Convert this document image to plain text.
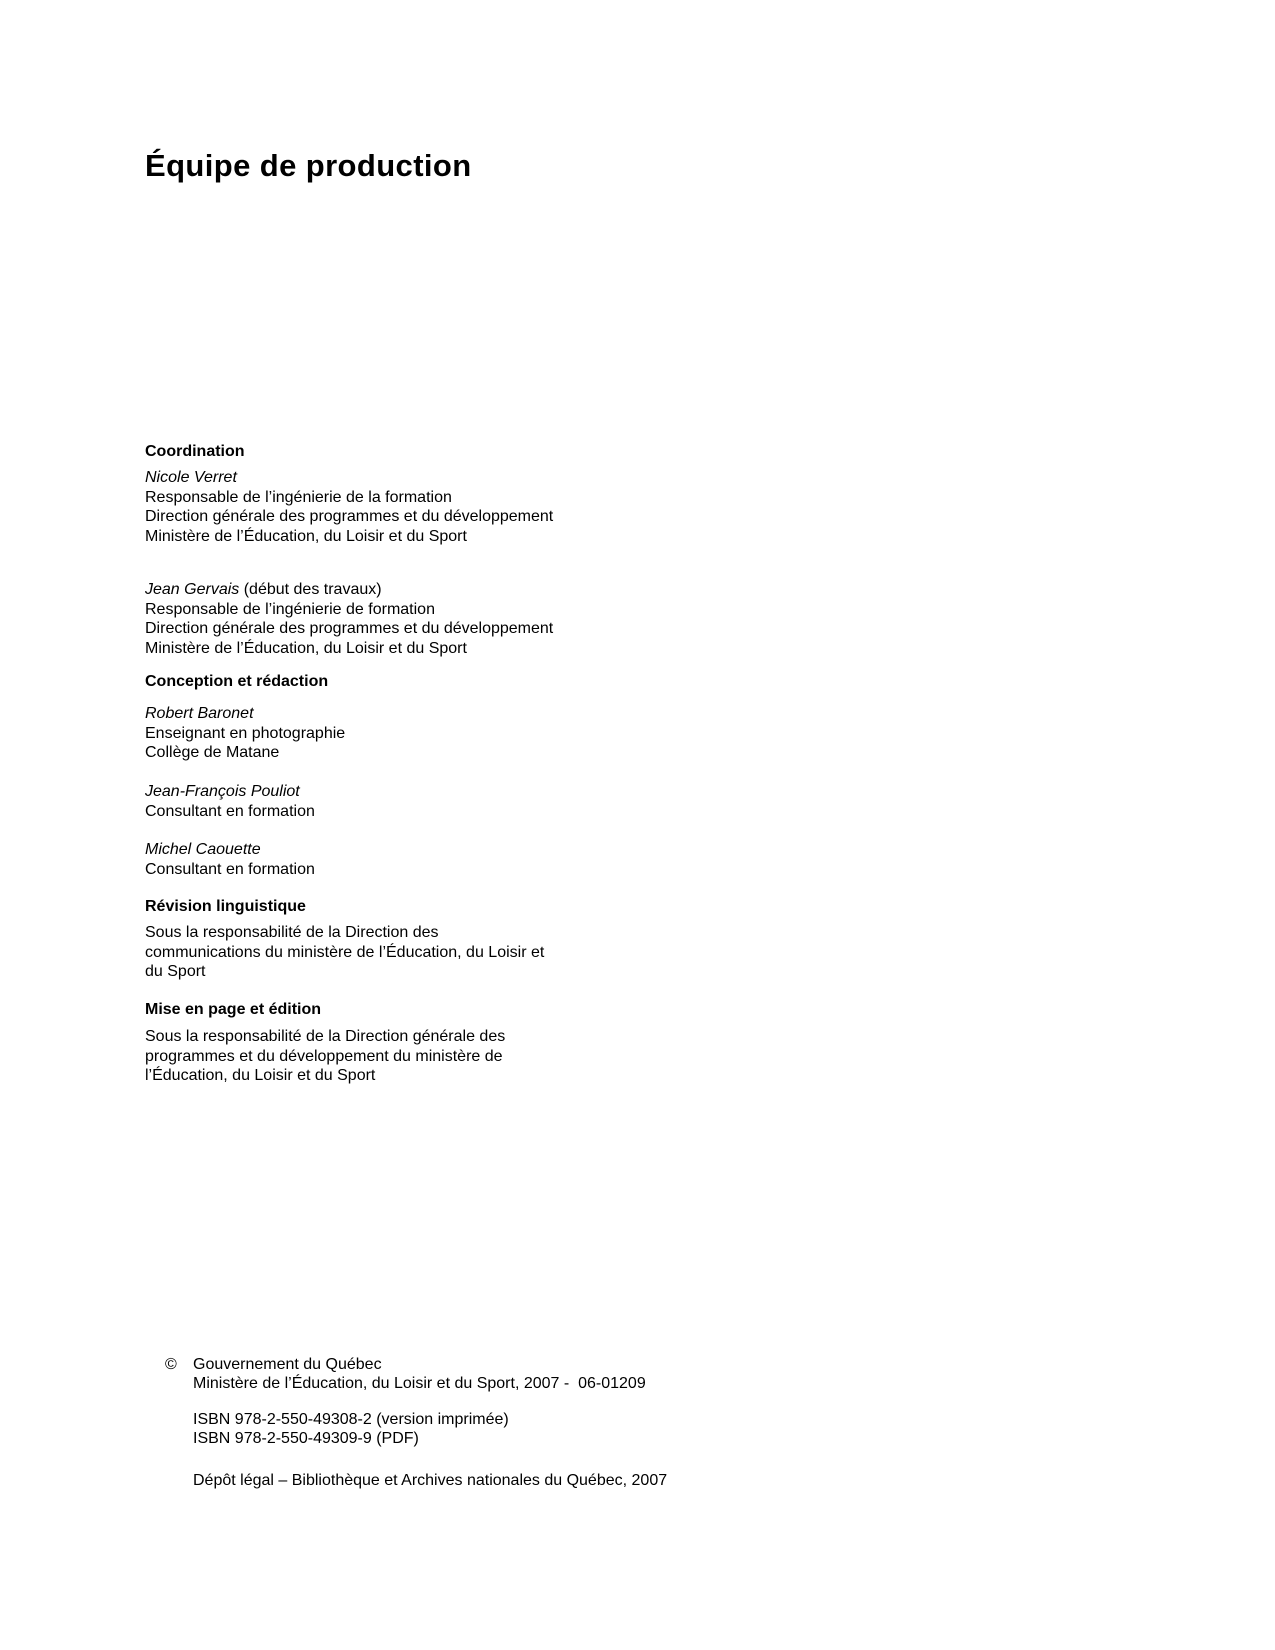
Équipe de production
Coordination
Nicole Verret
Responsable de l’ingénierie de la formation
Direction générale des programmes et du développement
Ministère de l’Éducation, du Loisir et du Sport
Jean Gervais (début des travaux)
Responsable de l’ingénierie de formation
Direction générale des programmes et du développement
Ministère de l’Éducation, du Loisir et du Sport
Conception et rédaction
Robert Baronet
Enseignant en photographie
Collège de Matane
Jean-François Pouliot
Consultant en formation
Michel Caouette
Consultant en formation
Révision linguistique
Sous la responsabilité de la Direction des
communications du ministère de l’Éducation, du Loisir et
du Sport
Mise en page et édition
Sous la responsabilité de la Direction générale des
programmes et du développement du ministère de
l’Éducation, du Loisir et du Sport
© Gouvernement du Québec
Ministère de l’Éducation, du Loisir et du Sport, 2007 -  06-01209
ISBN 978-2-550-49308-2 (version imprimée)
ISBN 978-2-550-49309-9 (PDF)
Dépôt légal – Bibliothèque et Archives nationales du Québec, 2007
